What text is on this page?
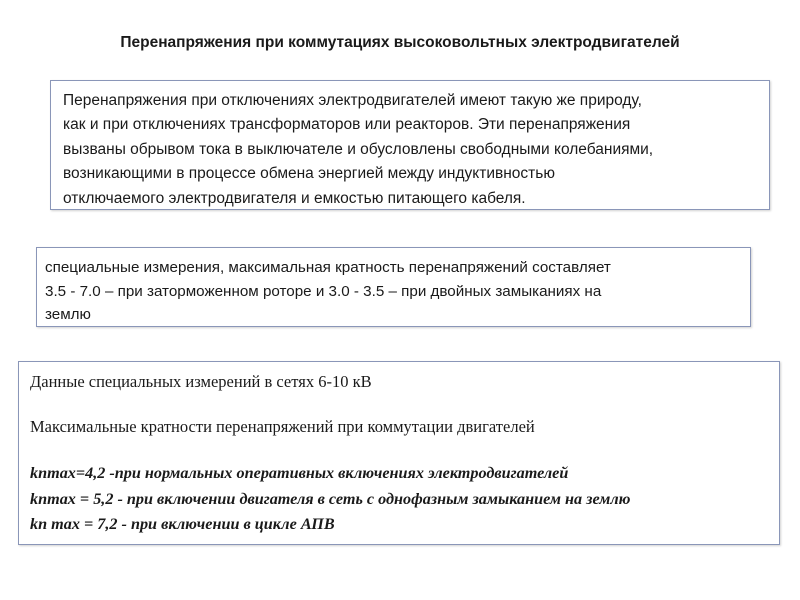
Перенапряжения при коммутациях высоковольтных электродвигателей
Перенапряжения при отключениях электродвигателей имеют такую же природу,
как и при отключениях трансформаторов или реакторов. Эти перенапряжения
вызваны обрывом тока в выключателе и обусловлены свободными колебаниями,
возникающими в процессе обмена энергией между индуктивностью
отключаемого электродвигателя и емкостью питающего кабеля.
специальные измерения, максимальная кратность перенапряжений составляет
3.5 - 7.0 – при заторможенном роторе и 3.0 - 3.5 – при двойных замыканиях на
землю
Данные специальных измерений в сетях 6-10 кВ
Максимальные кратности перенапряжений при коммутации двигателей
kпmax=4,2 -при нормальных оперативных включениях электродвигателей
kпmax = 5,2 - при включении двигателя в сеть с однофазным замыканием на землю
kп max = 7,2 - при включении в цикле АПВ
